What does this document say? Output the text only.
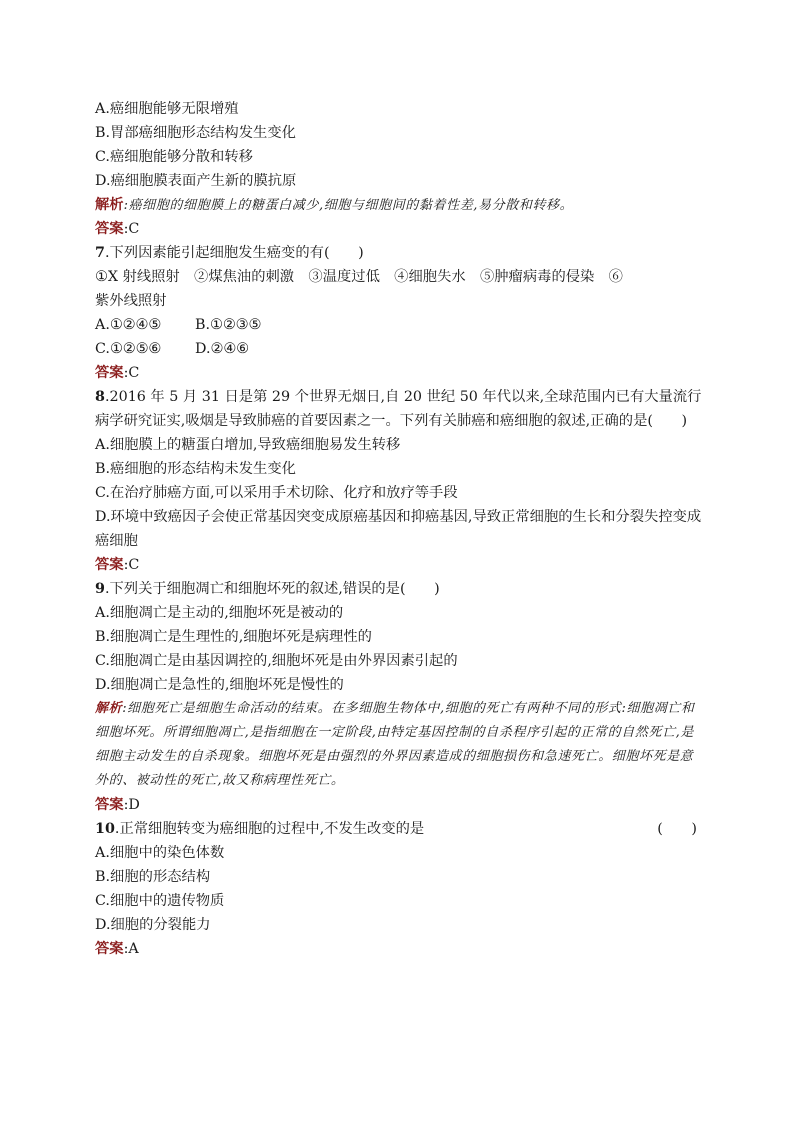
A.癌细胞能够无限增殖
B.胃部癌细胞形态结构发生变化
C.癌细胞能够分散和转移
D.癌细胞膜表面产生新的膜抗原
解析:癌细胞的细胞膜上的糖蛋白减少,细胞与细胞间的黏着性差,易分散和转移。
答案:C
7.下列因素能引起细胞发生癌变的有(　　)
①X 射线照射　②煤焦油的刺激　③温度过低　④细胞失水　⑤肿瘤病毒的侵染　⑥
紫外线照射
A.①②④⑤ B.①②③⑤
C.①②⑤⑥ D.②④⑥
答案:C
8.2016 年 5 月 31 日是第 29 个世界无烟日,自 20 世纪 50 年代以来,全球范围内已有大量流行病学研究证实,吸烟是导致肺癌的首要因素之一。下列有关肺癌和癌细胞的叙述,正确的是(　　)
A.细胞膜上的糖蛋白增加,导致癌细胞易发生转移
B.癌细胞的形态结构未发生变化
C.在治疗肺癌方面,可以采用手术切除、化疗和放疗等手段
D.环境中致癌因子会使正常基因突变成原癌基因和抑癌基因,导致正常细胞的生长和分裂失控变成癌细胞
答案:C
9.下列关于细胞凋亡和细胞坏死的叙述,错误的是(　　)
A.细胞凋亡是主动的,细胞坏死是被动的
B.细胞凋亡是生理性的,细胞坏死是病理性的
C.细胞凋亡是由基因调控的,细胞坏死是由外界因素引起的
D.细胞凋亡是急性的,细胞坏死是慢性的
解析:细胞死亡是细胞生命活动的结束。在多细胞生物体中,细胞的死亡有两种不同的形式:细胞凋亡和细胞坏死。所谓细胞凋亡,是指细胞在一定阶段,由特定基因控制的自杀程序引起的正常的自然死亡,是细胞主动发生的自杀现象。细胞坏死是由强烈的外界因素造成的细胞损伤和急速死亡。细胞坏死是意外的、被动性的死亡,故又称病理性死亡。
答案:D
10.正常细胞转变为癌细胞的过程中,不发生改变的是	(　　)
A.细胞中的染色体数
B.细胞的形态结构
C.细胞中的遗传物质
D.细胞的分裂能力
答案:A
